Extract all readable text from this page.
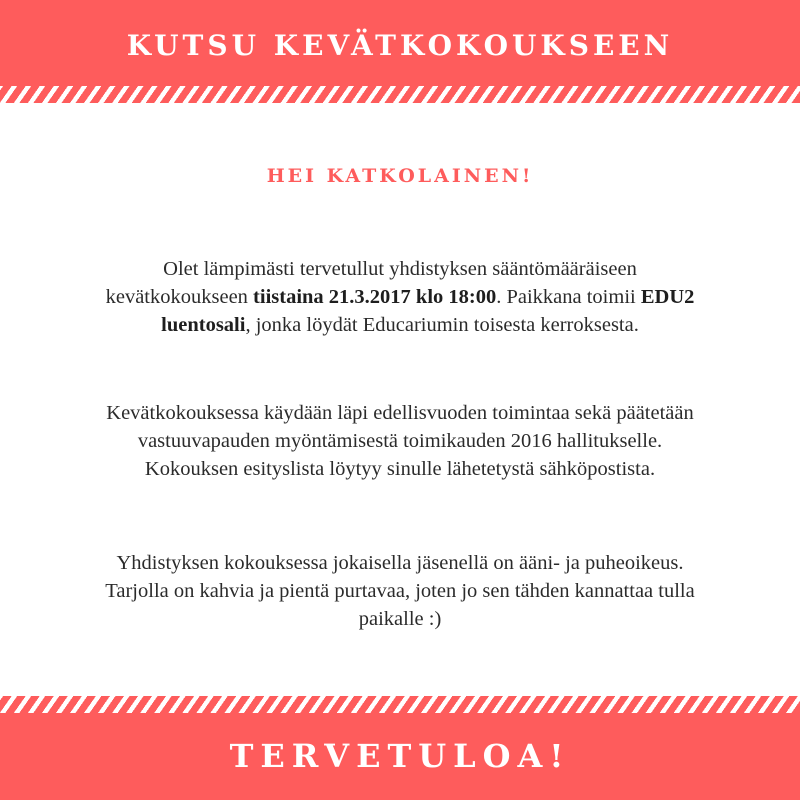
KUTSU KEVÄTKOKOUKSEEN
HEI KATKOLAINEN!
Olet lämpimästi tervetullut yhdistyksen sääntömääräiseen kevätkokoukseen tiistaina 21.3.2017 klo 18:00. Paikkana toimii EDU2 luentosali, jonka löydät Educariumin toisesta kerroksesta.
Kevätkokouksessa käydään läpi edellisvuoden toimintaa sekä päätetään vastuuvapauden myöntämisestä toimikauden 2016 hallitukselle. Kokouksen esityslista löytyy sinulle lähetetystä sähköpostista.
Yhdistyksen kokouksessa jokaisella jäsenellä on ääni- ja puheoikeus. Tarjolla on kahvia ja pientä purtavaa, joten jo sen tähden kannattaa tulla paikalle :)
TERVETULOA!
